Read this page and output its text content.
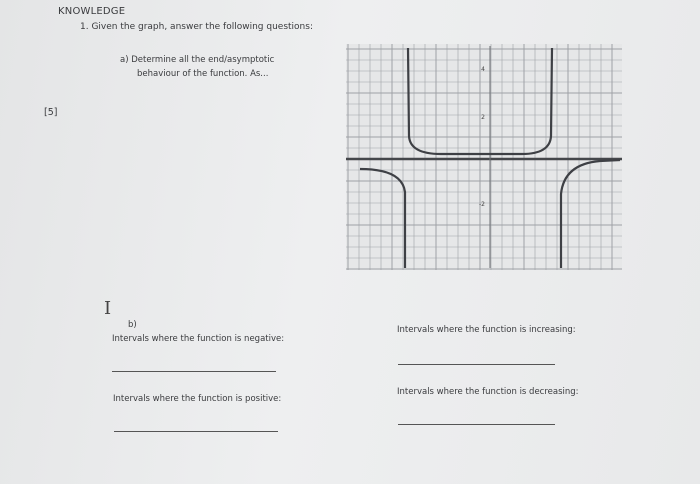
KNOWLEDGE
1. Given the graph, answer the following questions:
a) Determine all the end/asymptotic
behaviour of the function. As...
[5]
I
b)
Intervals where the function is negative:
Intervals where the function is positive:
Intervals where the function is increasing:
Intervals where the function is decreasing:
4
2
-2
